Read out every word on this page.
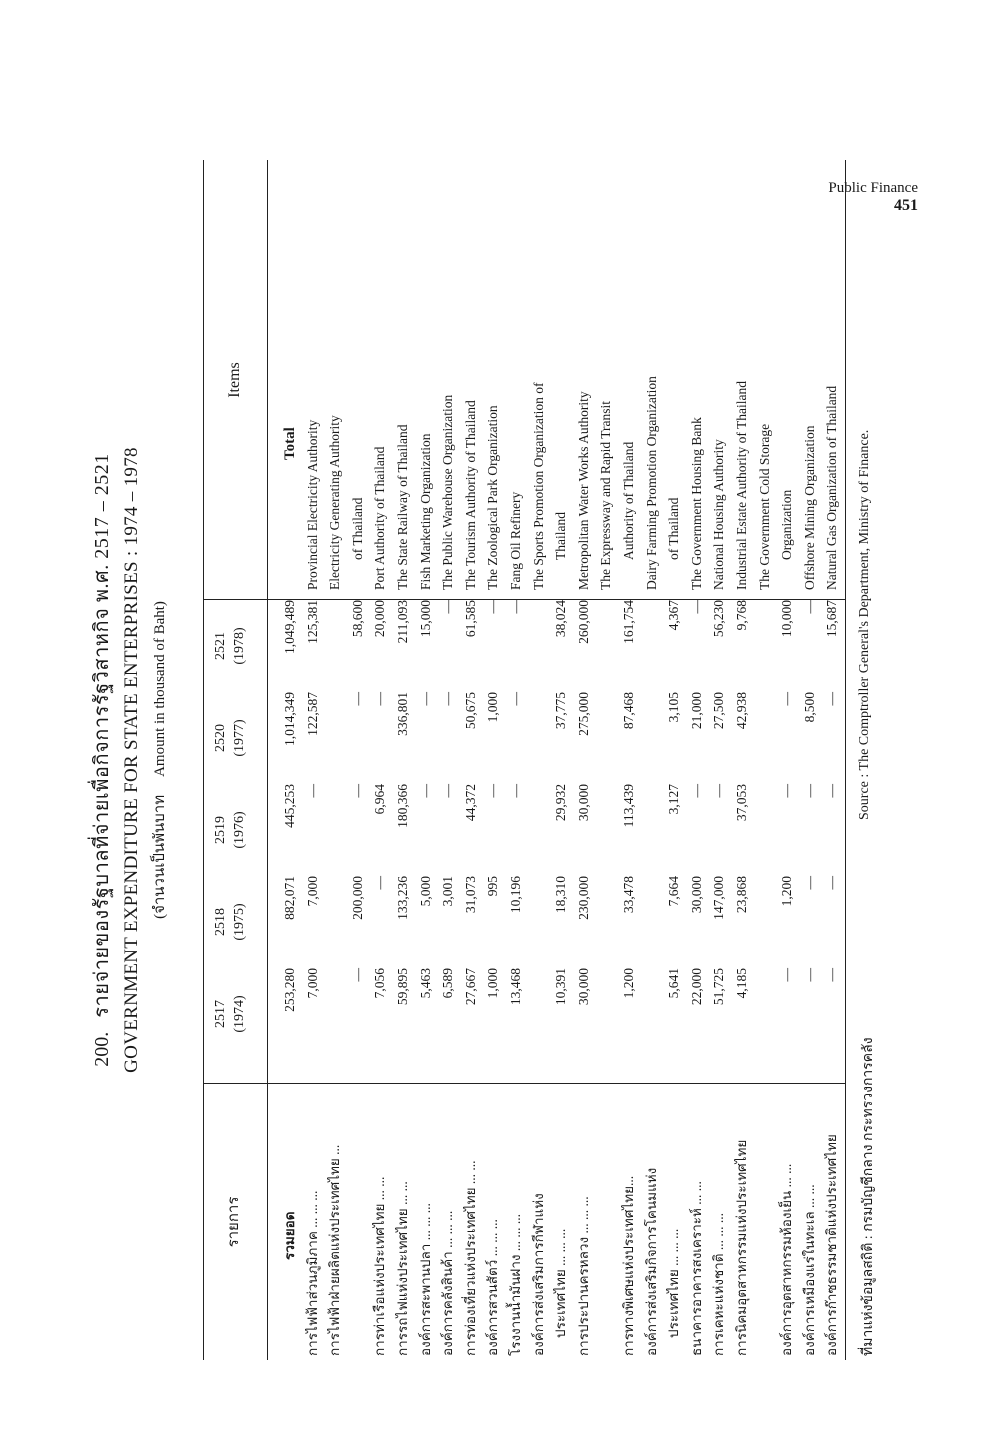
Public Finance
451
200. รายจ่ายของรัฐบาลที่จ่ายเพื่อกิจการรัฐวิสาหกิจ พ.ศ. 2517 – 2521 GOVERNMENT EXPENDITURE FOR STATE ENTERPRISES : 1974 – 1978 (จำนวนเป็นพันบาทAmount in thousand of Baht)
รายการ
2517 (1974)
2518 (1975)
2519 (1976)
2520 (1977)
2521 (1978)
Items
รวมยอด
253,280
882,071
445,253
1,014,349
1,049,489
Total
การไฟฟ้าส่วนภูมิภาค ... ... ...
7,000
7,000
—
122,587
125,381
Provincial Electricity Authority
การไฟฟ้าฝ่ายผลิตแห่งประเทศไทย ...
Electricity Generating Authority
—
200,000
—
—
58,600
of Thailand
การท่าเรือแห่งประเทศไทย ... ...
7,056
—
6,964
—
20,000
Port Authority of Thailand
การรถไฟแห่งประเทศไทย ... ...
59,895
133,236
180,366
336,801
211,093
The State Railway of Thailand
องค์การสะพานปลา ... ... ...
5,463
5,000
—
—
15,000
Fish Marketing Organization
องค์การคลังสินค้า ... ... ...
6,589
3,001
—
—
—
The Public Warehouse Organization
การท่องเที่ยวแห่งประเทศไทย ... ...
27,667
31,073
44,372
50,675
61,585
The Tourism Authority of Thailand
องค์การสวนสัตว์ ... ... ...
1,000
995
—
1,000
—
The Zoological Park Organization
โรงงานน้ำมันฝาง ... ... ...
13,468
10,196
—
—
—
Fang Oil Refinery
องค์การส่งเสริมการกีฬาแห่ง
The Sports Promotion Organization of
ประเทศไทย ... ... ...
10,391
18,310
29,932
37,775
38,024
Thailand
การประปานครหลวง ... ... ...
30,000
230,000
30,000
275,000
260,000
Metropolitan Water Works Authority The Expressway and Rapid Transit
การทางพิเศษแห่งประเทศไทย...
1,200
33,478
113,439
87,468
161,754
Authority of Thailand
องค์การส่งเสริมกิจการโคนมแห่ง
Dairy Farming Promotion Organization
ประเทศไทย ... ... ...
5,641
7,664
3,127
3,105
4,367
of Thailand
ธนาคารอาคารสงเคราะห์ ... ...
22,000
30,000
—
21,000
—
The Government Housing Bank
การเคหะแห่งชาติ ... ... ...
51,725
147,000
—
27,500
56,230
National Housing Authority
การนิคมอุตสาหกรรมแห่งประเทศไทย
4,185
23,868
37,053
42,938
9,768
Industrial Estate Authority of Thailand The Government Cold Storage
องค์การอุตสาหกรรมห้องเย็น ... ...
—
1,200
—
—
10,000
Organization
องค์การเหมืองแร่ในทะเล ... ...
—
—
—
8,500
—
Offshore Mining Organization
องค์การก๊าซธรรมชาติแห่งประเทศไทย
—
—
—
—
15,687
Natural Gas Organization of Thailand
ที่มาแห่งข้อมูลสถิติ : กรมบัญชีกลาง กระทรวงการคลัง
Source : The Comptroller General's Department, Ministry of Finance.
